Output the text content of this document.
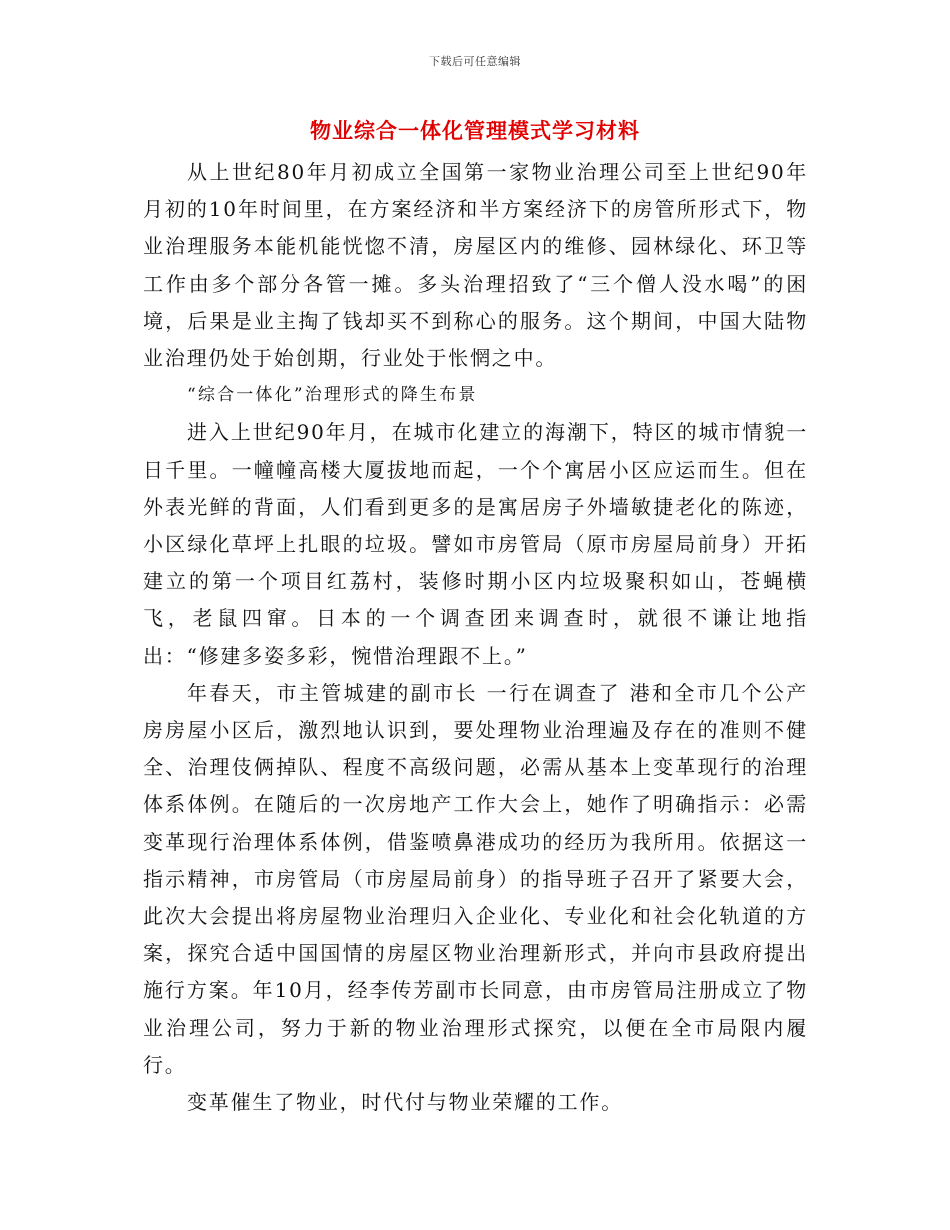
下载后可任意编辑
物业综合一体化管理模式学习材料

从上世纪80年月初成立全国第一家物业治理公司至上世纪90年月初的10年时间里，在方案经济和半方案经济下的房管所形式下，物业治理服务本能机能恍惚不清，房屋区内的维修、园林绿化、环卫等工作由多个部分各管一摊。多头治理招致了“三个僧人没水喝”的困境，后果是业主掏了钱却买不到称心的服务。这个期间，中国大陆物业治理仍处于始创期，行业处于怅惘之中。

“综合一体化”治理形式的降生布景

进入上世纪90年月，在城市化建立的海潮下，特区的城市情貌一日千里。一幢幢高楼大厦拔地而起，一个个寓居小区应运而生。但在外表光鲜的背面，人们看到更多的是寓居房子外墙敏捷老化的陈迹，小区绿化草坪上扎眼的垃圾。譬如市房管局（原市房屋局前身）开拓建立的第一个项目红荔村，装修时期小区内垃圾聚积如山，苍蝇横飞，老鼠四窜。日本的一个调查团来调查时，就很不谦让地指出：“修建多姿多彩，惋惜治理跟不上。”

年春天，市主管城建的副市长 一行在调查了 港和全市几个公产房房屋小区后，激烈地认识到，要处理物业治理遍及存在的准则不健全、治理伎俩掉队、程度不高级问题，必需从基本上变革现行的治理体系体例。在随后的一次房地产工作大会上，她作了明确指示：必需变革现行治理体系体例，借鉴喷鼻港成功的经历为我所用。依据这一指示精神，市房管局（市房屋局前身）的指导班子召开了紧要大会，此次大会提出将房屋物业治理归入企业化、专业化和社会化轨道的方案，探究合适中国国情的房屋区物业治理新形式，并向市县政府提出施行方案。年10月，经李传芳副市长同意，由市房管局注册成立了物业治理公司，努力于新的物业治理形式探究，以便在全市局限内履行。

变革催生了物业，时代付与物业荣耀的工作。
